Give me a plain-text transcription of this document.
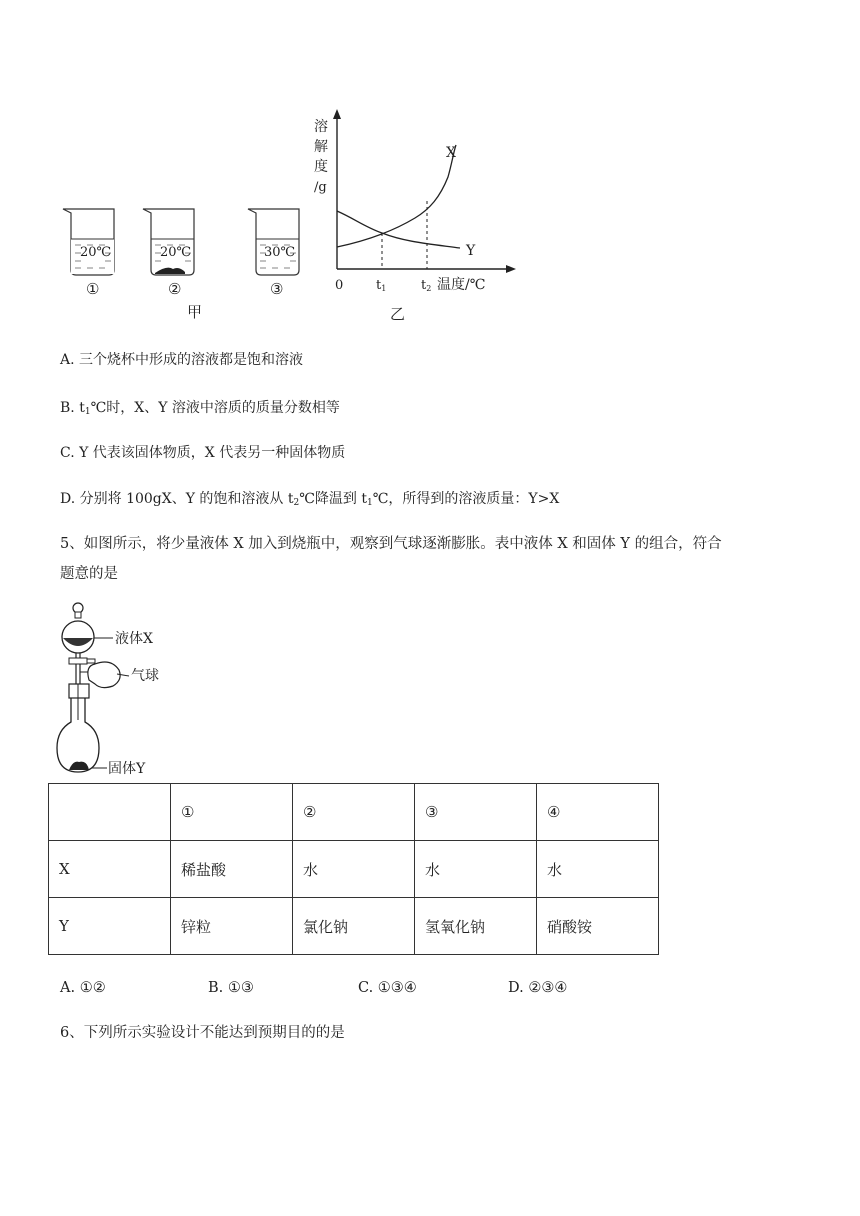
20℃
①
20℃
②
30℃
③
甲
溶
解
度
/g
X
Y
0	t1	t2 温度/℃
乙
A. 三个烧杯中形成的溶液都是饱和溶液
B. $t_1℃$时，X、Y 溶液中溶质的质量分数相等
C. Y 代表该固体物质，X 代表另一种固体物质
D. 分别将 100gX、Y 的饱和溶液从 $t_2℃$降温到 $t_1℃$，所得到的溶液质量：Y>X
5、如图所示，将少量液体 X 加入到烧瓶中，观察到气球逐渐膨胀。表中液体 X 和固体 Y 的组合，符合
题意的是
液体X
气球
固体Y
	①	②	③	④
X	稀盐酸	水	水	水
Y	锌粒	氯化钠	氢氧化钠	硝酸铵
A. ①②	B. ①③	C. ①③④	D. ②③④
6、下列所示实验设计不能达到预期目的的是
